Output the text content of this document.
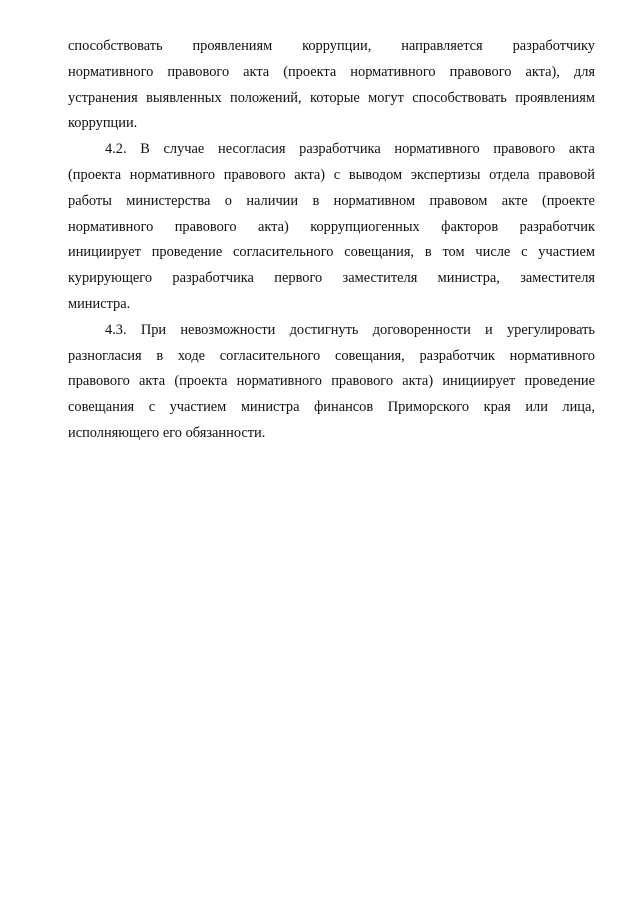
способствовать проявлениям коррупции, направляется разработчику
нормативного правового акта (проекта нормативного правового акта), для
устранения выявленных положений, которые могут способствовать проявлениям
коррупции.
4.2. В случае несогласия разработчика нормативного правового акта
(проекта нормативного правового акта) с выводом экспертизы отдела правовой
работы министерства о наличии в нормативном правовом акте (проекте
нормативного правового акта) коррупциогенных факторов разработчик
инициирует проведение согласительного совещания, в том числе с участием
курирующего разработчика первого заместителя министра, заместителя
министра.
4.3. При невозможности достигнуть договоренности и урегулировать
разногласия в ходе согласительного совещания, разработчик нормативного
правового акта (проекта нормативного правового акта) инициирует проведение
совещания с участием министра финансов Приморского края или лица,
исполняющего его обязанности.
